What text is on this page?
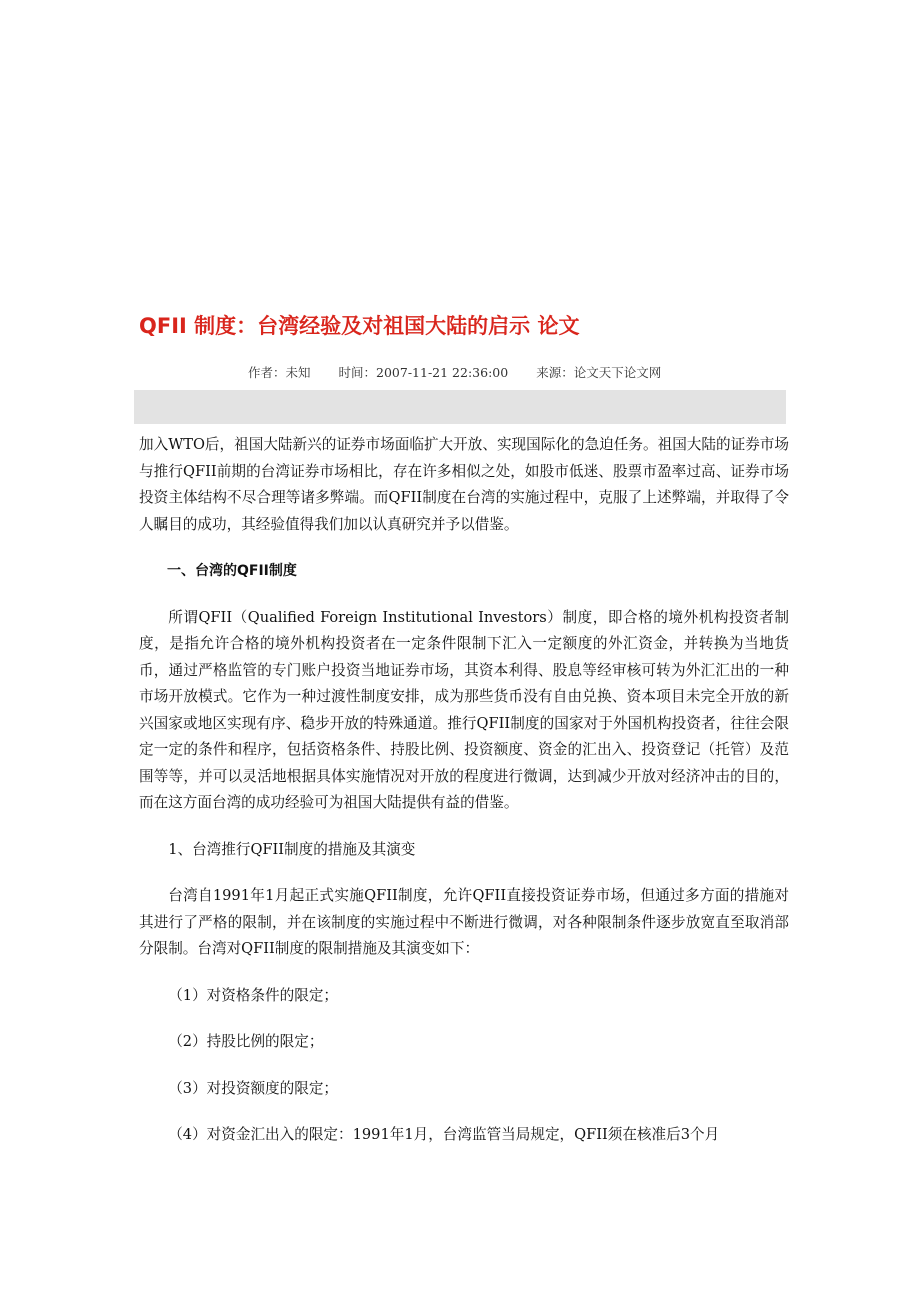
QFII 制度：台湾经验及对祖国大陆的启示 论文
作者：未知 时间：2007-11-21 22:36:00 来源：论文天下论文网

加入WTO后，祖国大陆新兴的证券市场面临扩大开放、实现国际化的急迫任务。祖国大陆的证券市场与推行QFII前期的台湾证券市场相比，存在许多相似之处，如股市低迷、股票市盈率过高、证券市场投资主体结构不尽合理等诸多弊端。而QFII制度在台湾的实施过程中，克服了上述弊端，并取得了令人瞩目的成功，其经验值得我们加以认真研究并予以借鉴。

一、台湾的QFII制度

所谓QFII（Qualified Foreign Institutional Investors）制度，即合格的境外机构投资者制度，是指允许合格的境外机构投资者在一定条件限制下汇入一定额度的外汇资金，并转换为当地货币，通过严格监管的专门账户投资当地证券市场，其资本利得、股息等经审核可转为外汇汇出的一种市场开放模式。它作为一种过渡性制度安排，成为那些货币没有自由兑换、资本项目未完全开放的新兴国家或地区实现有序、稳步开放的特殊通道。推行QFII制度的国家对于外国机构投资者，往往会限定一定的条件和程序，包括资格条件、持股比例、投资额度、资金的汇出入、投资登记（托管）及范围等等，并可以灵活地根据具体实施情况对开放的程度进行微调，达到减少开放对经济冲击的目的，而在这方面台湾的成功经验可为祖国大陆提供有益的借鉴。

1、台湾推行QFII制度的措施及其演变

台湾自1991年1月起正式实施QFII制度，允许QFII直接投资证券市场，但通过多方面的措施对其进行了严格的限制，并在该制度的实施过程中不断进行微调，对各种限制条件逐步放宽直至取消部分限制。台湾对QFII制度的限制措施及其演变如下：

（1）对资格条件的限定；

（2）持股比例的限定；

（3）对投资额度的限定；

（4）对资金汇出入的限定：1991年1月，台湾监管当局规定，QFII须在核准后3个月
